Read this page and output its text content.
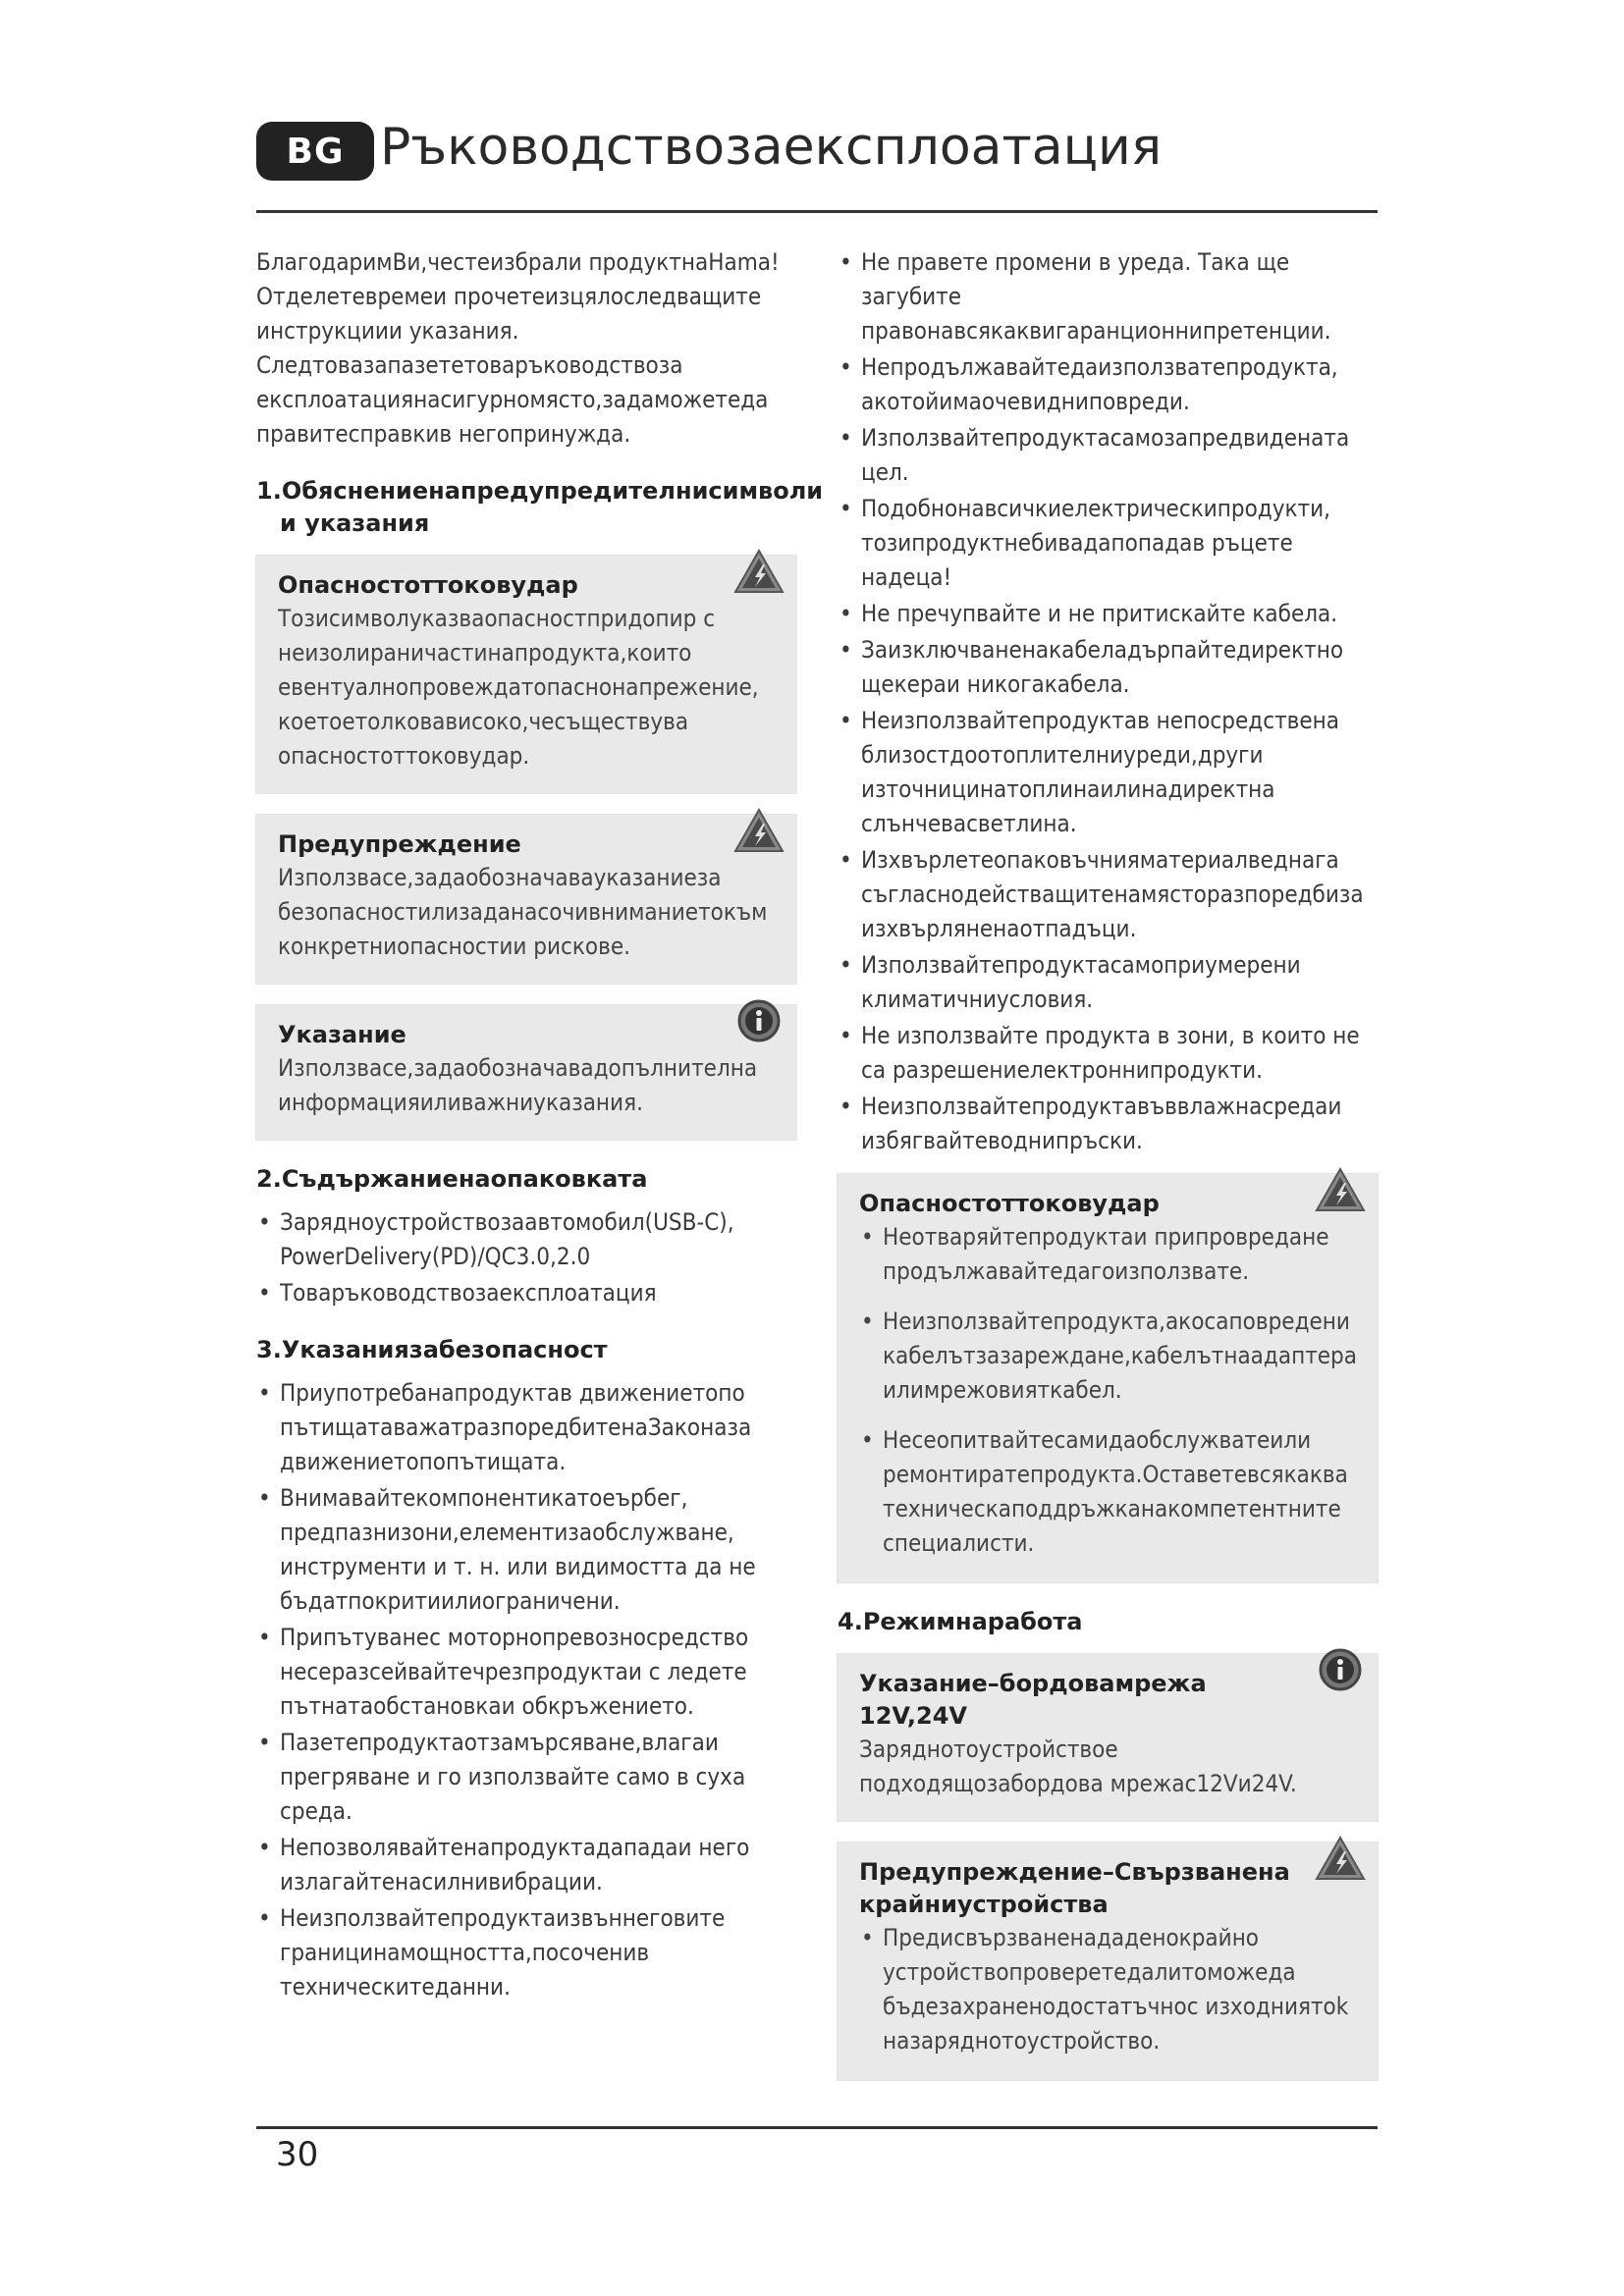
BG Ръководствозаексплоатация

БлагодаримВи,честеизбрали продуктнаHama!

Отделетевремеи прочетеизцялоследващите инструкциии указания.

Следтовазапазететоваръководствоза експлоатациянасигурномясто,задаможетеда правитесправкив нeгопринужда.

1.Обяснениенапредупредителнисимволи
и указания
Опасностоттоковудар

Тозисимволуказваопасностпридопир с неизолираничастинапродукта,които евентуалнопровеждатопаснонапрежение, коетоетолковависоко,чесъществува опасностоттоковудар.

Предупреждение

Използвасе,задаобозначавауказаниеза безопасностилизаданасочивниманиетокъм конкретниопасностии рискове.

Указание

Използвасе,задаобозначавадопълнителна информацияиливажниуказания.

2.Съдържаниенаопаковката
• Заряднoустройствозаавтомобил(USB-C), PowerDelivery(PD)/QC3.0,2.0
• Товаръководствозаексплоатация
3.Указаниязабезопасност
• Приупотребанапродуктав движениетопо пътищатаважатразпоредбитенаЗаконаза движениетопопътищата.
• Внимавайтекомпонентикатоеърбег, предпазнизони,елементизаобслужване, инструменти и т. н. или видимостта да не бъдатпокритиилиограничени.
• Припътуванес моторнопревозносредство несеразсейвайтечрезпродуктаи с ледете пътнатаобстановкаи обкръжението.
• Пазетепродуктаотзамърсяване,влагаи прегряване и го използвайте само в суха среда.
• Непозволявайтенапродуктадападаи нeго излагайтенасилнивибрации.
• Неизползвайтепродуктаизвъннеговите границинамощността,посоченив техническитеданни.
• Не правете промени в уреда. Така ще загубите правонавсякаквигаранционнипретенции.
• Непродължавайтедаизползватепродукта, акотойимаочевидниповреди.
• Използвайтепродуктасамозапредвидената цел.
• Подобнонавсичкиелектрическипродукти, тозипродуктнебивадапопадав ръцете надеца!
• Не пречупвайте и не притискайте кабела.
• Заизключваненакабеладърпайтедиректно щекераи никогакабела.
• Неизползвайтепродуктав непосредствена близостдоотоплителниуреди,други източницинатоплинаилинадиректна слънчевасветлина.
• Изхвърлетеопаковъчнияматериалведнага съгласнодействащитенамясторазпоредбиза изхвърляненаотпадъци.
• Използвайтепродуктасамоприумерени климатичниусловия.
• Не използвайте продукта в зони, в които не са разрешениелектроннипродукти.
• Неизползвайтепродуктавъввлажнасредаи избягвайтеводнипръски.
Опасностоттоковудар
• Неотваряйтепродуктаи припровредане продължавайтедагоизползвате.
• Неизползвайтепродукта,акосаповредени кабелътзазареждане,кабелътнаадаптера илимрежовияткабел.
• Несеопитвайтесамидаобслужватеили ремонтиратепродукта.Оставетевсякаква техническаподдръжканакомпетентните специалисти.
4.Режимнаработа
Указание–бордовамрежа 12V,24V

Заряднотоустройствое подходящозабордова мрежас12Vи24V.

Предупреждение–Свързванена крайниустройства
• Предисвързваненададенокрайно устройствопроверетедалитоможеда бъдезахраненодостатъчнос изходниятоk назаряднотоустройство.
30
